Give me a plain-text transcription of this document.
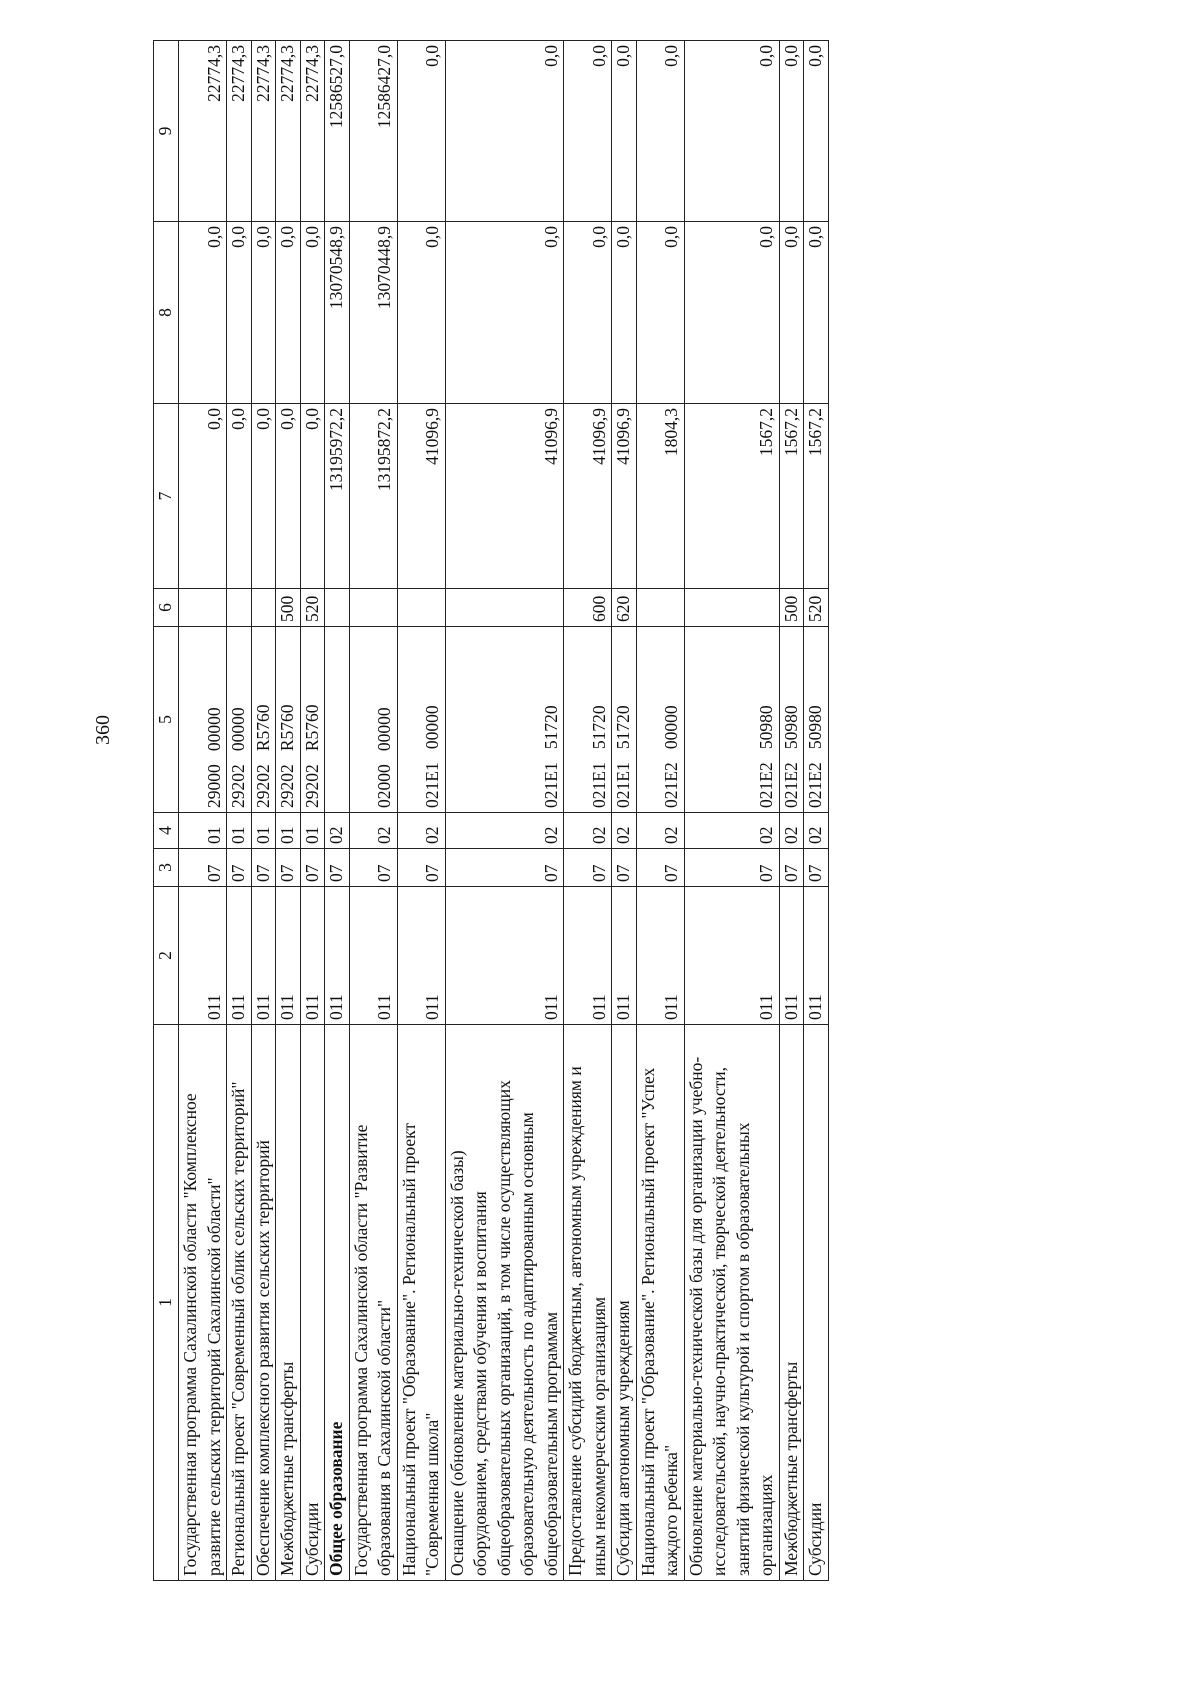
360
1	2	3	4	5	6	7	8	9
Государственная программа Сахалинской области "Комплексное развитие сельских территорий Сахалинской области"	011	07	01	29000   00000		0,0	0,0	22774,3
Региональный проект "Современный облик сельских территорий"	011	07	01	29202   00000		0,0	0,0	22774,3
Обеспечение комплексного развития сельских территорий	011	07	01	29202   R5760		0,0	0,0	22774,3
Межбюджетные трансферты	011	07	01	29202   R5760	500	0,0	0,0	22774,3
Субсидии	011	07	01	29202   R5760	520	0,0	0,0	22774,3
Общее образование	011	07	02			13195972,2	13070548,9	12586527,0
Государственная программа Сахалинской области "Развитие образования в Сахалинской области"	011	07	02	02000   00000		13195872,2	13070448,9	12586427,0
Национальный проект "Образование". Региональный проект "Современная школа"	011	07	02	021E1   00000		41096,9	0,0	0,0
Оснащение (обновление материально-технической базы) оборудованием, средствами обучения и воспитания общеобразовательных организаций, в том числе осуществляющих образовательную деятельность по адаптированным основным общеобразовательным программам	011	07	02	021E1   51720		41096,9	0,0	0,0
Предоставление субсидий бюджетным, автономным учреждениям и иным некоммерческим организациям	011	07	02	021E1   51720	600	41096,9	0,0	0,0
Субсидии автономным учреждениям	011	07	02	021E1   51720	620	41096,9	0,0	0,0
Национальный проект "Образование". Региональный проект "Успех каждого ребенка"	011	07	02	021E2   00000		1804,3	0,0	0,0
Обновление материально-технической базы для организации учебно-исследовательской, научно-практической, творческой деятельности, занятий физической культурой и спортом в образовательных организациях	011	07	02	021E2   50980		1567,2	0,0	0,0
Межбюджетные трансферты	011	07	02	021E2   50980	500	1567,2	0,0	0,0
Субсидии	011	07	02	021E2   50980	520	1567,2	0,0	0,0
